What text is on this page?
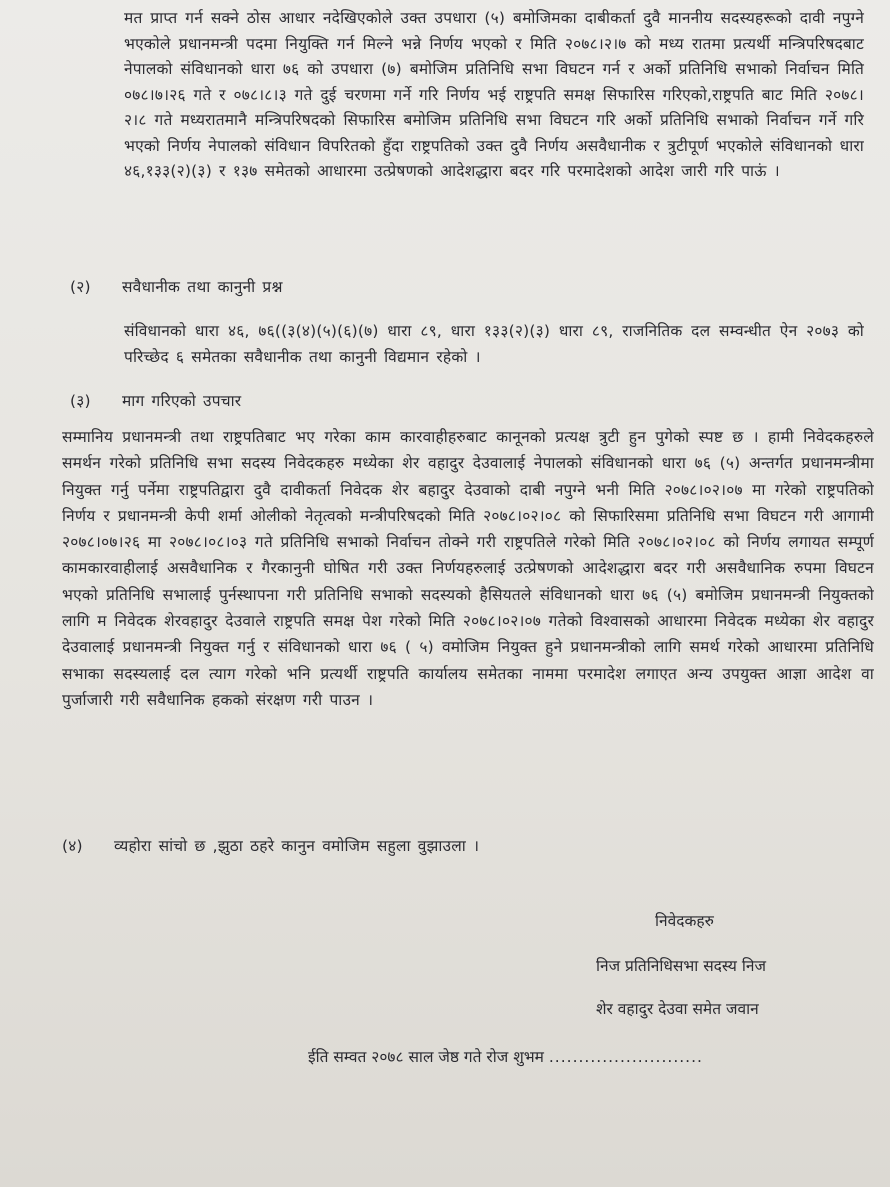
मत प्राप्त गर्न सक्ने ठोस आधार नदेखिएकोले उक्त उपधारा (५) बमोजिमका दाबीकर्ता दुवै माननीय सदस्यहरूको दावी नपुग्ने भएकोले प्रधानमन्त्री पदमा नियुक्ति गर्न मिल्ने भन्ने निर्णय भएको र मिति २०७८।२।७ को मध्य रातमा प्रत्यर्थी मन्त्रिपरिषदबाट नेपालको संविधानको धारा ७६ को उपधारा (७) बमोजिम प्रतिनिधि सभा विघटन गर्न र अर्को प्रतिनिधि सभाको निर्वाचन मिति ०७८।७।२६ गते र ०७८।८।३ गते दुई चरणमा गर्ने गरि निर्णय भई राष्ट्रपति समक्ष सिफारिस गरिएको,राष्ट्रपति बाट मिति २०७८।२।८ गते मध्यरातमानै मन्त्रिपरिषदको सिफारिस बमोजिम प्रतिनिधि सभा विघटन गरि अर्को प्रतिनिधि सभाको निर्वाचन गर्ने गरि भएको निर्णय नेपालको संविधान विपरितको हुँदा राष्ट्रपतिको उक्त दुवै निर्णय असवैधानीक र त्रुटीपूर्ण भएकोले संविधानको धारा ४६,१३३(२)(३) र १३७ समेतको आधारमा उत्प्रेषणको आदेशद्धारा बदर गरि परमादेशको आदेश जारी गरि पाऊं ।
(२) सवैधानीक तथा कानुनी प्रश्न
संविधानको धारा ४६, ७६((३(४)(५)(६)(७) धारा ८९, धारा १३३(२)(३) धारा ८९, राजनितिक दल सम्वन्धीत ऐन २०७३ को परिच्छेद ६ समेतका सवैधानीक तथा कानुनी विद्यमान रहेको ।
(३) माग गरिएको उपचार
सम्मानिय प्रधानमन्त्री तथा राष्ट्रपतिबाट भए गरेका काम कारवाहीहरुबाट कानूनको प्रत्यक्ष त्रुटी हुन पुगेको स्पष्ट छ । हामी निवेदकहरुले समर्थन गरेको प्रतिनिधि सभा सदस्य निवेदकहरु मध्येका शेर वहादुर देउवालाई नेपालको संविधानको धारा ७६ (५) अन्तर्गत प्रधानमन्त्रीमा नियुक्त गर्नु पर्नेमा राष्ट्रपतिद्वारा दुवै दावीकर्ता निवेदक शेर बहादुर देउवाको दाबी नपुग्ने भनी मिति २०७८।०२।०७ मा गरेको राष्ट्रपतिको निर्णय र प्रधानमन्त्री केपी शर्मा ओलीको नेतृत्वको मन्त्रीपरिषदको मिति २०७८।०२।०८ को सिफारिसमा प्रतिनिधि सभा विघटन गरी आगामी २०७८।०७।२६ मा २०७८।०८।०३ गते प्रतिनिधि सभाको निर्वाचन तोक्ने गरी राष्ट्रपतिले गरेको मिति २०७८।०२।०८ को निर्णय लगायत सम्पूर्ण कामकारवाहीलाई असवैधानिक र गैरकानुनी घोषित गरी उक्त निर्णयहरुलाई उत्प्रेषणको आदेशद्धारा बदर गरी असवैधानिक रुपमा विघटन भएको प्रतिनिधि सभालाई पुर्नस्थापना गरी प्रतिनिधि सभाको सदस्यको हैसियतले संविधानको धारा ७६ (५) बमोजिम प्रधानमन्त्री नियुक्तको लागि म निवेदक शेरवहादुर देउवाले राष्ट्रपति समक्ष पेश गरेको मिति २०७८।०२।०७ गतेको विश्वासको आधारमा निवेदक मध्येका शेर वहादुर देउवालाई प्रधानमन्त्री नियुक्त गर्नु र संविधानको धारा ७६ ( ५) वमोजिम नियुक्त हुने प्रधानमन्त्रीको लागि समर्थ गरेको आधारमा प्रतिनिधि सभाका सदस्यलाई दल त्याग गरेको भनि प्रत्यर्थी राष्ट्रपति कार्यालय समेतका नाममा परमादेश लगाएत अन्य उपयुक्त आज्ञा आदेश वा पुर्जाजारी गरी सवैधानिक हकको संरक्षण गरी पाउन ।
(४) व्यहोरा सांचो छ ,झुठा ठहरे कानुन वमोजिम सहुला वुझाउला ।
निवेदकहरु
निज प्रतिनिधिसभा सदस्य निज
शेर वहादुर देउवा समेत जवान
ईति सम्वत २०७८ साल जेष्ठ गते रोज शुभम ..........................
